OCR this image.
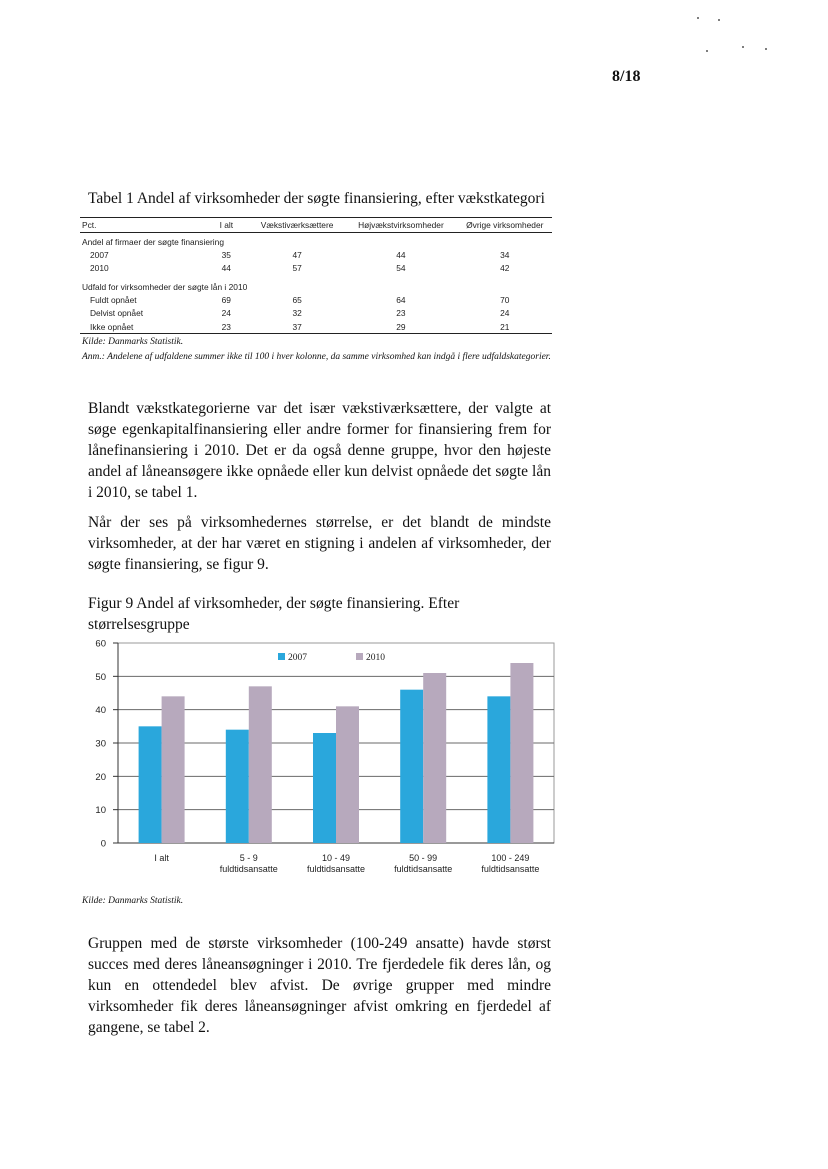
8/18
Tabel 1 Andel af virksomheder der søgte finansiering, efter vækstkategori
Pct.	I alt	Vækstiværksættere	Højvækstvirksomheder	Øvrige virksomheder
Andel af firmaer der søgte finansiering				
2007	35	47	44	34
2010	44	57	54	42
Udfald for virksomheder der søgte lån i 2010				
Fuldt opnået	69	65	64	70
Delvist opnået	24	32	23	24
Ikke opnået	23	37	29	21
Kilde: Danmarks Statistik.
Anm.: Andelene af udfaldene summer ikke til 100 i hver kolonne, da samme virksomhed kan indgå i flere udfaldskategorier.
Blandt vækstkategorierne var det især vækstiværksættere, der valgte at søge egenkapitalfinansiering eller andre former for finansiering frem for lånefinansiering i 2010. Det er da også denne gruppe, hvor den højeste andel af låneansøgere ikke opnåede eller kun delvist opnåede det søgte lån i 2010, se tabel 1.
Når der ses på virksomhedernes størrelse, er det blandt de mindste virksomheder, at der har været en stigning i andelen af virksomheder, der søgte finansiering, se figur 9.
Figur 9 Andel af virksomheder, der søgte finansiering. Efter størrelsesgruppe
0
10
20
30
40
50
60
I alt	5 - 9
fuldtidsansatte
10 - 49
fuldtidsansatte
50 - 99
fuldtidsansatte
100 - 249
fuldtidsansatte
2007	2010
Kilde: Danmarks Statistik.
Gruppen med de største virksomheder (100-249 ansatte) havde størst succes med deres låneansøgninger i 2010. Tre fjerdedele fik deres lån, og kun en ottendedel blev afvist. De øvrige grupper med mindre virksomheder fik deres låneansøgninger afvist omkring en fjerdedel af gangene, se tabel 2.
